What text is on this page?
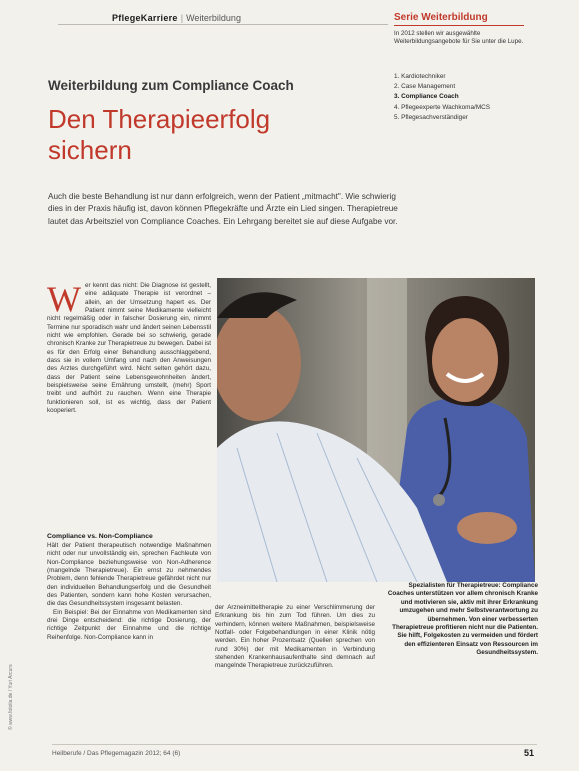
PflegeKarriere | Weiterbildung	Serie Weiterbildung
In 2012 stellen wir ausgewählte Weiterbildungsangebote für Sie unter die Lupe.
1. Kardiotechniker
2. Case Management
3. Compliance Coach
4. Pflegeexperte Wachkoma/MCS
5. Pflegesachverständiger
Weiterbildung zum Compliance Coach
Den Therapieerfolg sichern
Auch die beste Behandlung ist nur dann erfolgreich, wenn der Patient „mitmacht". Wie schwierig dies in der Praxis häufig ist, davon können Pflegekräfte und Ärzte ein Lied singen. Therapietreue lautet das Arbeitsziel von Compliance Coaches. Ein Lehrgang bereitet sie auf diese Aufgabe vor.
W er kennt das nicht: Die Diagnose ist gestellt, eine adäquate Therapie ist verordnet – allein, an der Umsetzung hapert es. Der Patient nimmt seine Medikamente vielleicht nicht regelmäßig oder in falscher Dosierung ein, nimmt Termine nur sporadisch wahr und ändert seinen Lebensstil nicht wie empfohlen. Gerade bei so schwierig, gerade chronisch Kranke zur Therapietreue zu bewegen. Dabei ist es für den Erfolg einer Behandlung ausschlaggebend, dass sie in vollem Umfang und nach den Anweisungen des Arztes durchgeführt wird. Nicht selten gehört dazu, dass der Patient seine Lebensgewohnheiten ändert, beispielsweise seine Ernährung umstellt, (mehr) Sport treibt und aufhört zu rauchen. Wenn eine Therapie funktionieren soll, ist es wichtig, dass der Patient kooperiert.

Compliance vs. Non-Compliance

Hält der Patient therapeutisch notwendige Maßnahmen nicht oder nur unvollständig ein, sprechen Fachleute von Non-Compliance beziehungsweise von Non-Adherence (mangelnde Therapietreue). Ein ernst zu nehmendes Problem, denn fehlende Therapietreue gefährdet nicht nur den individuellen Behandlungserfolg und die Gesundheit des Patienten, sondern kann hohe Kosten verursachen, die das Gesundheitssystem insgesamt belasten.

Ein Beispiel: Bei der Einnahme von Medikamenten sind drei Dinge entscheidend: die richtige Dosierung, der richtige Zeitpunkt der Einnahme und die richtige Reihenfolge. Non-Compliance kann in

der Arzneimitteltherapie zu einer Verschlimmerung der Erkrankung bis hin zum Tod führen. Um dies zu verhindern, können weitere Maßnahmen, beispielsweise Notfall- oder Folgebehandlungen in einer Klinik nötig werden. Ein hoher Prozentsatz (Quellen sprechen von rund 30%) der mit Medikamenten in Verbindung stehenden Krankenhausaufenthalte sind demnach auf mangelnde Therapietreue zurückzuführen.

Spezialisten für Therapietreue: Compliance Coaches unterstützen vor allem chronisch Kranke und motivieren sie, aktiv mit ihrer Erkrankung umzugehen und mehr Selbstverantwortung zu übernehmen. Von einer verbesserten Therapietreue profitieren nicht nur die Patienten. Sie hilft, Folgekosten zu vermeiden und fördert den effizienteren Einsatz von Ressourcen im Gesundheitssystem.
© www.fotolia.de / Yuri Arcurs
Heilberufe / Das Pflegemagazin 2012; 64 (6)	51
